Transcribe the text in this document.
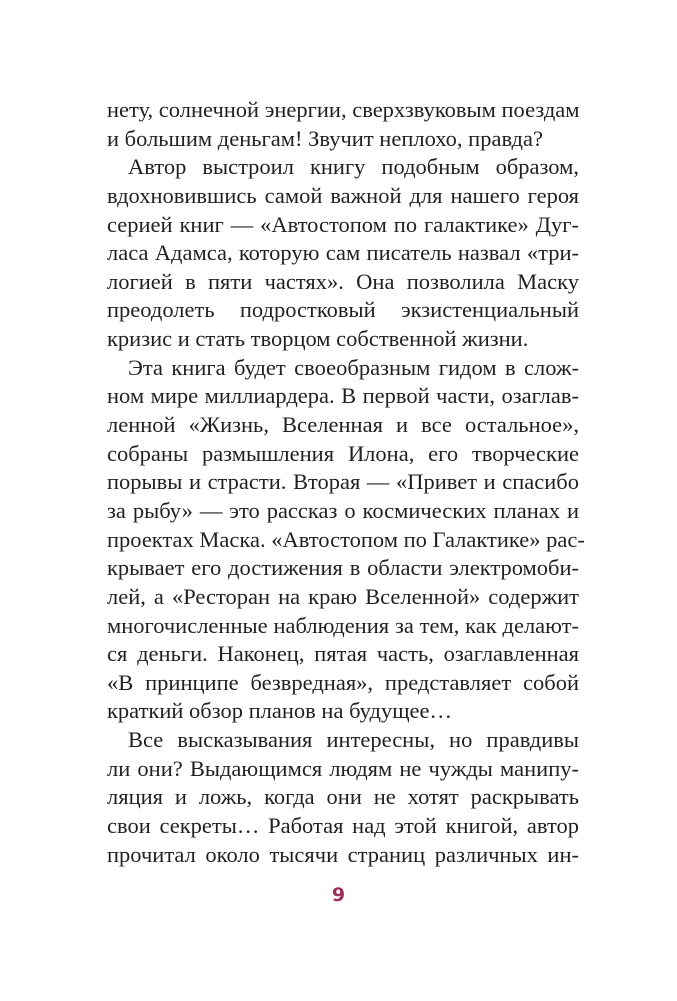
нету, солнечной энергии, сверхзвуковым поездам
и большим деньгам! Звучит неплохо, правда?
Автор выстроил книгу подобным образом,
вдохновившись самой важной для нашего героя
серией книг — «Автостопом по галактике» Дуг-
ласа Адамса, которую сам писатель назвал «три-
логией в пяти частях». Она позволила Маску
преодолеть подростковый экзистенциальный
кризис и стать творцом собственной жизни.
Эта книга будет своеобразным гидом в слож-
ном мире миллиардера. В первой части, озаглав-
ленной «Жизнь, Вселенная и все остальное»,
собраны размышления Илона, его творческие
порывы и страсти. Вторая — «Привет и спасибо
за рыбу» — это рассказ о космических планах и
проектах Маска. «Автостопом по Галактике» рас-
крывает его достижения в области электромоби-
лей, а «Ресторан на краю Вселенной» содержит
многочисленные наблюдения за тем, как делают-
ся деньги. Наконец, пятая часть, озаглавленная
«В принципе безвредная», представляет собой
краткий обзор планов на будущее…
Все высказывания интересны, но правдивы
ли они? Выдающимся людям не чужды манипу-
ляция и ложь, когда они не хотят раскрывать
свои секреты… Работая над этой книгой, автор
прочитал около тысячи страниц различных ин-
9
